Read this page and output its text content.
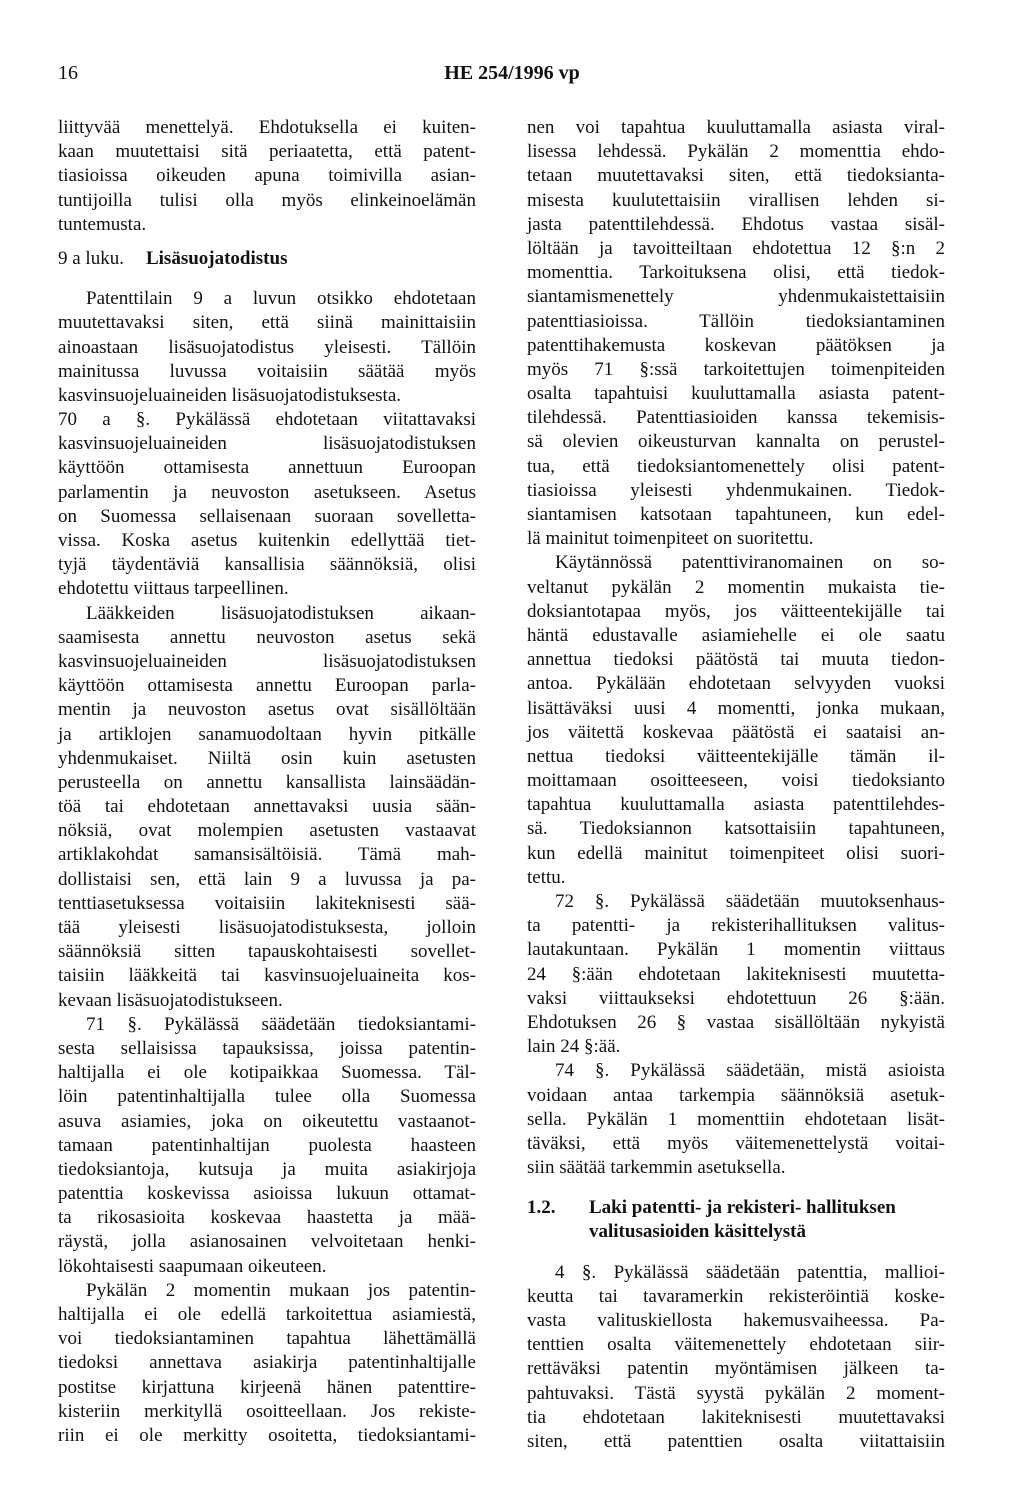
16	HE 254/1996 vp
liittyvää menettelyä. Ehdotuksella ei kuiten-
kaan muutettaisi sitä periaatetta, että patent-
tiasioissa oikeuden apuna toimivilla asian-
tuntijoilla tulisi olla myös elinkeinoelämän
tuntemusta.
9 a luku. Lisäsuojatodistus
Patenttilain 9 a luvun otsikko ehdotetaan
muutettavaksi siten, että siinä mainittaisiin
ainoastaan lisäsuojatodistus yleisesti. Tällöin
mainitussa luvussa voitaisiin säätää myös
kasvinsuojeluaineiden lisäsuojatodistuksesta.
70 a §. Pykälässä ehdotetaan viitattavaksi
kasvinsuojeluaineiden lisäsuojatodistuksen
käyttöön ottamisesta annettuun Euroopan
parlamentin ja neuvoston asetukseen. Asetus
on Suomessa sellaisenaan suoraan sovelletta-
vissa. Koska asetus kuitenkin edellyttää tiet-
tyjä täydentäviä kansallisia säännöksiä, olisi
ehdotettu viittaus tarpeellinen.
Lääkkeiden lisäsuojatodistuksen aikaan-
saamisesta annettu neuvoston asetus sekä
kasvinsuojeluaineiden lisäsuojatodistuksen
käyttöön ottamisesta annettu Euroopan parla-
mentin ja neuvoston asetus ovat sisällöltään
ja artiklojen sanamuodoltaan hyvin pitkälle
yhdenmukaiset. Niiltä osin kuin asetusten
perusteella on annettu kansallista lainsäädän-
töä tai ehdotetaan annettavaksi uusia sään-
nöksiä, ovat molempien asetusten vastaavat
artiklakohdat samansisältöisiä. Tämä mah-
dollistaisi sen, että lain 9 a luvussa ja pa-
tenttiasetuksessa voitaisiin lakiteknisesti sää-
tää yleisesti lisäsuojatodistuksesta, jolloin
säännöksiä sitten tapauskohtaisesti sovellet-
taisiin lääkkeitä tai kasvinsuojeluaineita kos-
kevaan lisäsuojatodistukseen.
71 §. Pykälässä säädetään tiedoksiantami-
sesta sellaisissa tapauksissa, joissa patentin-
haltijalla ei ole kotipaikkaa Suomessa. Täl-
löin patentinhaltijalla tulee olla Suomessa
asuva asiamies, joka on oikeutettu vastaanot-
tamaan patentinhaltijan puolesta haasteen
tiedoksiantoja, kutsuja ja muita asiakirjoja
patenttia koskevissa asioissa lukuun ottamat-
ta rikosasioita koskevaa haastetta ja mää-
räystä, jolla asianosainen velvoitetaan henki-
lökohtaisesti saapumaan oikeuteen.
Pykälän 2 momentin mukaan jos patentin-
haltijalla ei ole edellä tarkoitettua asiamiestä,
voi tiedoksiantaminen tapahtua lähettämällä
tiedoksi annettava asiakirja patentinhaltijalle
postitse kirjattuna kirjeenä hänen patenttire-
kisteriin merkityllä osoitteellaan. Jos rekiste-
riin ei ole merkitty osoitetta, tiedoksiantami-
nen voi tapahtua kuuluttamalla asiasta viral-
lisessa lehdessä. Pykälän 2 momenttia ehdo-
tetaan muutettavaksi siten, että tiedoksianta-
misesta kuulutettaisiin virallisen lehden si-
jasta patenttilehdessä. Ehdotus vastaa sisäl-
löltään ja tavoitteiltaan ehdotettua 12 §:n 2
momenttia. Tarkoituksena olisi, että tiedok-
siantamismenettely yhdenmukaistettaisiin
patenttiasioissa. Tällöin tiedoksiantaminen
patenttihakemusta koskevan päätöksen ja
myös 71 §:ssä tarkoitettujen toimenpiteiden
osalta tapahtuisi kuuluttamalla asiasta patent-
tilehdessä. Patenttiasioiden kanssa tekemisis-
sä olevien oikeusturvan kannalta on perustel-
tua, että tiedoksiantomenettely olisi patent-
tiasioissa yleisesti yhdenmukainen. Tiedok-
siantamisen katsotaan tapahtuneen, kun edel-
lä mainitut toimenpiteet on suoritettu.
Käytännössä patenttiviranomainen on so-
veltanut pykälän 2 momentin mukaista tie-
doksiantotapaa myös, jos väitteentekijälle tai
häntä edustavalle asiamiehelle ei ole saatu
annettua tiedoksi päätöstä tai muuta tiedon-
antoa. Pykälään ehdotetaan selvyyden vuoksi
lisättäväksi uusi 4 momentti, jonka mukaan,
jos väitettä koskevaa päätöstä ei saataisi an-
nettua tiedoksi väitteentekijälle tämän il-
moittamaan osoitteeseen, voisi tiedoksianto
tapahtua kuuluttamalla asiasta patenttilehdes-
sä. Tiedoksiannon katsottaisiin tapahtuneen,
kun edellä mainitut toimenpiteet olisi suori-
tettu.
72 §. Pykälässä säädetään muutoksenhaus-
ta patentti- ja rekisterihallituksen valitus-
lautakuntaan. Pykälän 1 momentin viittaus
24 §:ään ehdotetaan lakiteknisesti muutetta-
vaksi viittaukseksi ehdotettuun 26 §:ään.
Ehdotuksen 26 § vastaa sisällöltään nykyistä
lain 24 §:ää.
74 §. Pykälässä säädetään, mistä asioista
voidaan antaa tarkempia säännöksiä asetuk-
sella. Pykälän 1 momenttiin ehdotetaan lisät-
täväksi, että myös väitemenettelystä voitai-
siin säätää tarkemmin asetuksella.
1.2. Laki patentti- ja rekisteri- hallituksen
valitusasioiden käsittelystä
4 §. Pykälässä säädetään patenttia, mallioi-
keutta tai tavaramerkin rekisteröintiä koske-
vasta valituskiellosta hakemusvaiheessa. Pa-
tenttien osalta väitemenettely ehdotetaan siir-
rettäväksi patentin myöntämisen jälkeen ta-
pahtuvaksi. Tästä syystä pykälän 2 moment-
tia ehdotetaan lakiteknisesti muutettavaksi
siten, että patenttien osalta viitattaisiin
